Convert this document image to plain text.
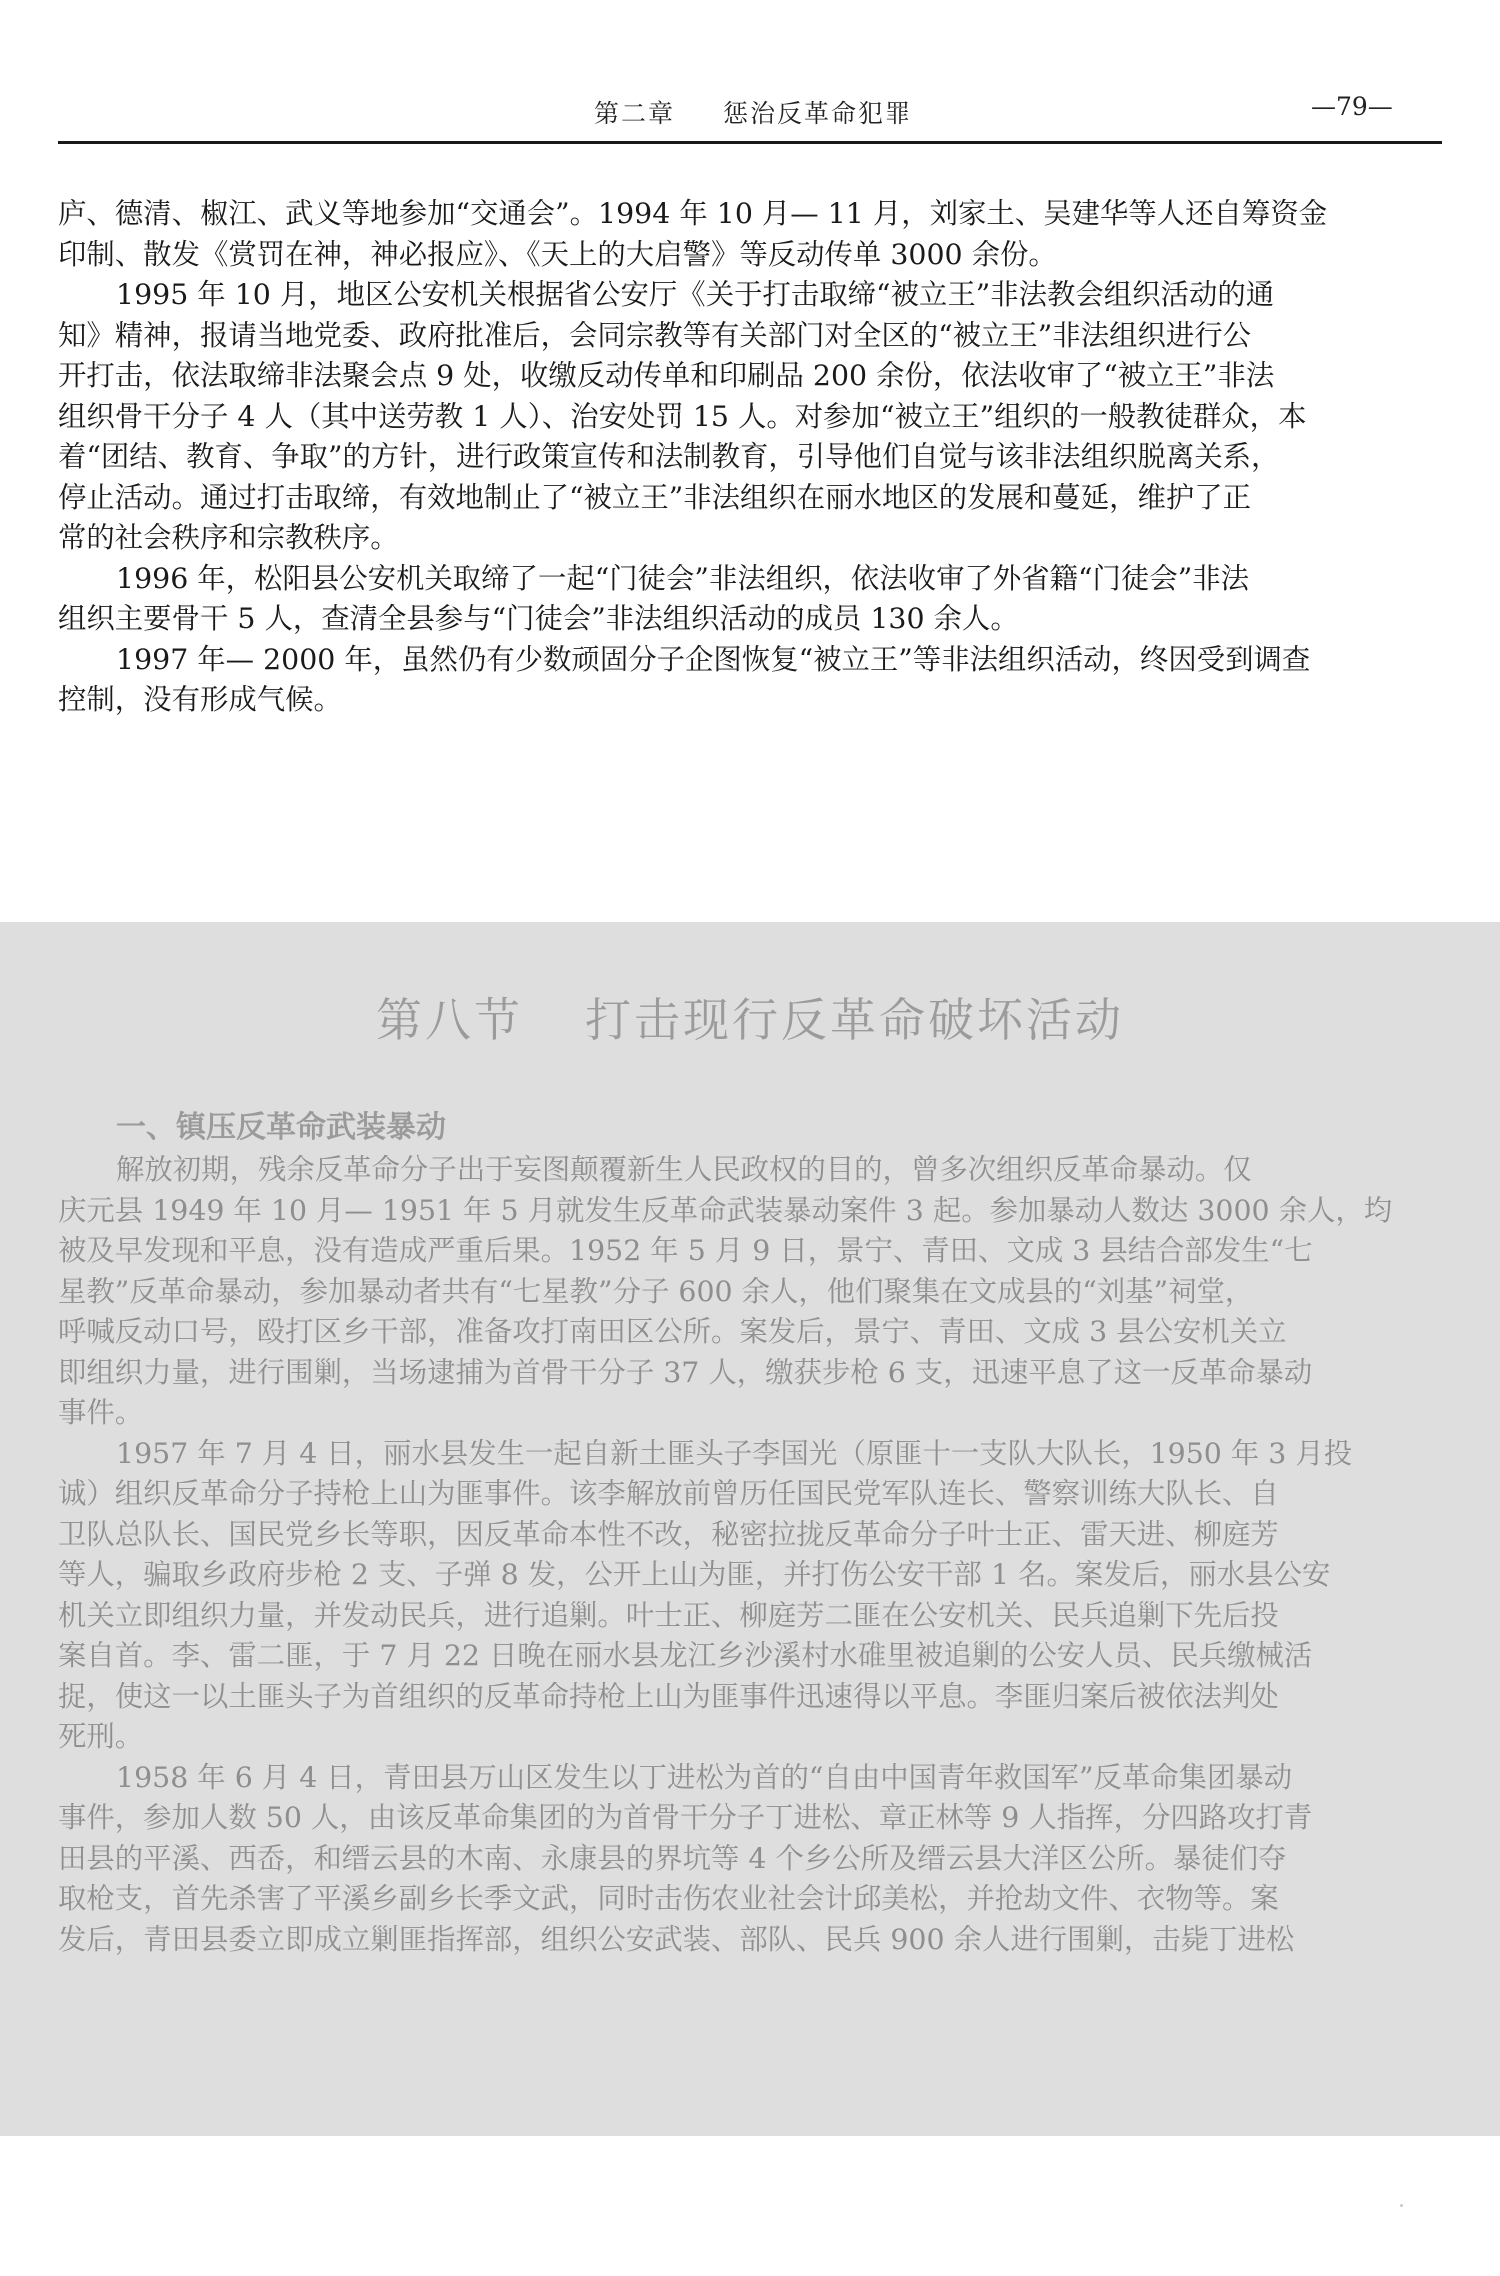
第二章 惩治反革命犯罪	—79—
庐、德清、椒江、武义等地参加“交通会”。1994 年 10 月— 11 月，刘家土、吴建华等人还自筹资金
印制、散发《赏罚在神，神必报应》、《天上的大启警》等反动传单 3000 余份。
1995 年 10 月，地区公安机关根据省公安厅《关于打击取缔“被立王”非法教会组织活动的通
知》精神，报请当地党委、政府批准后，会同宗教等有关部门对全区的“被立王”非法组织进行公
开打击，依法取缔非法聚会点 9 处，收缴反动传单和印刷品 200 余份，依法收审了“被立王”非法
组织骨干分子 4 人（其中送劳教 1 人）、治安处罚 15 人。对参加“被立王”组织的一般教徒群众，本
着“团结、教育、争取”的方针，进行政策宣传和法制教育，引导他们自觉与该非法组织脱离关系，
停止活动。通过打击取缔，有效地制止了“被立王”非法组织在丽水地区的发展和蔓延，维护了正
常的社会秩序和宗教秩序。
1996 年，松阳县公安机关取缔了一起“门徒会”非法组织，依法收审了外省籍“门徒会”非法
组织主要骨干 5 人，查清全县参与“门徒会”非法组织活动的成员 130 余人。
1997 年— 2000 年，虽然仍有少数顽固分子企图恢复“被立王”等非法组织活动，终因受到调查
控制，没有形成气候。
第八节 打击现行反革命破坏活动
一、镇压反革命武装暴动
解放初期，残余反革命分子出于妄图颠覆新生人民政权的目的，曾多次组织反革命暴动。仅
庆元县 1949 年 10 月— 1951 年 5 月就发生反革命武装暴动案件 3 起。参加暴动人数达 3000 余人，均
被及早发现和平息，没有造成严重后果。1952 年 5 月 9 日，景宁、青田、文成 3 县结合部发生“七
星教”反革命暴动，参加暴动者共有“七星教”分子 600 余人，他们聚集在文成县的“刘基”祠堂，
呼喊反动口号，殴打区乡干部，准备攻打南田区公所。案发后，景宁、青田、文成 3 县公安机关立
即组织力量，进行围剿，当场逮捕为首骨干分子 37 人，缴获步枪 6 支，迅速平息了这一反革命暴动
事件。
1957 年 7 月 4 日，丽水县发生一起自新土匪头子李国光（原匪十一支队大队长，1950 年 3 月投
诚）组织反革命分子持枪上山为匪事件。该李解放前曾历任国民党军队连长、警察训练大队长、自
卫队总队长、国民党乡长等职，因反革命本性不改，秘密拉拢反革命分子叶士正、雷天进、柳庭芳
等人，骗取乡政府步枪 2 支、子弹 8 发，公开上山为匪，并打伤公安干部 1 名。案发后，丽水县公安
机关立即组织力量，并发动民兵，进行追剿。叶士正、柳庭芳二匪在公安机关、民兵追剿下先后投
案自首。李、雷二匪，于 7 月 22 日晚在丽水县龙江乡沙溪村水碓里被追剿的公安人员、民兵缴械活
捉，使这一以土匪头子为首组织的反革命持枪上山为匪事件迅速得以平息。李匪归案后被依法判处
死刑。
1958 年 6 月 4 日，青田县万山区发生以丁进松为首的“自由中国青年救国军”反革命集团暴动
事件，参加人数 50 人，由该反革命集团的为首骨干分子丁进松、章正林等 9 人指挥，分四路攻打青
田县的平溪、西岙，和缙云县的木南、永康县的界坑等 4 个乡公所及缙云县大洋区公所。暴徒们夺
取枪支，首先杀害了平溪乡副乡长季文武，同时击伤农业社会计邱美松，并抢劫文件、衣物等。案
发后，青田县委立即成立剿匪指挥部，组织公安武装、部队、民兵 900 余人进行围剿，击毙丁进松
